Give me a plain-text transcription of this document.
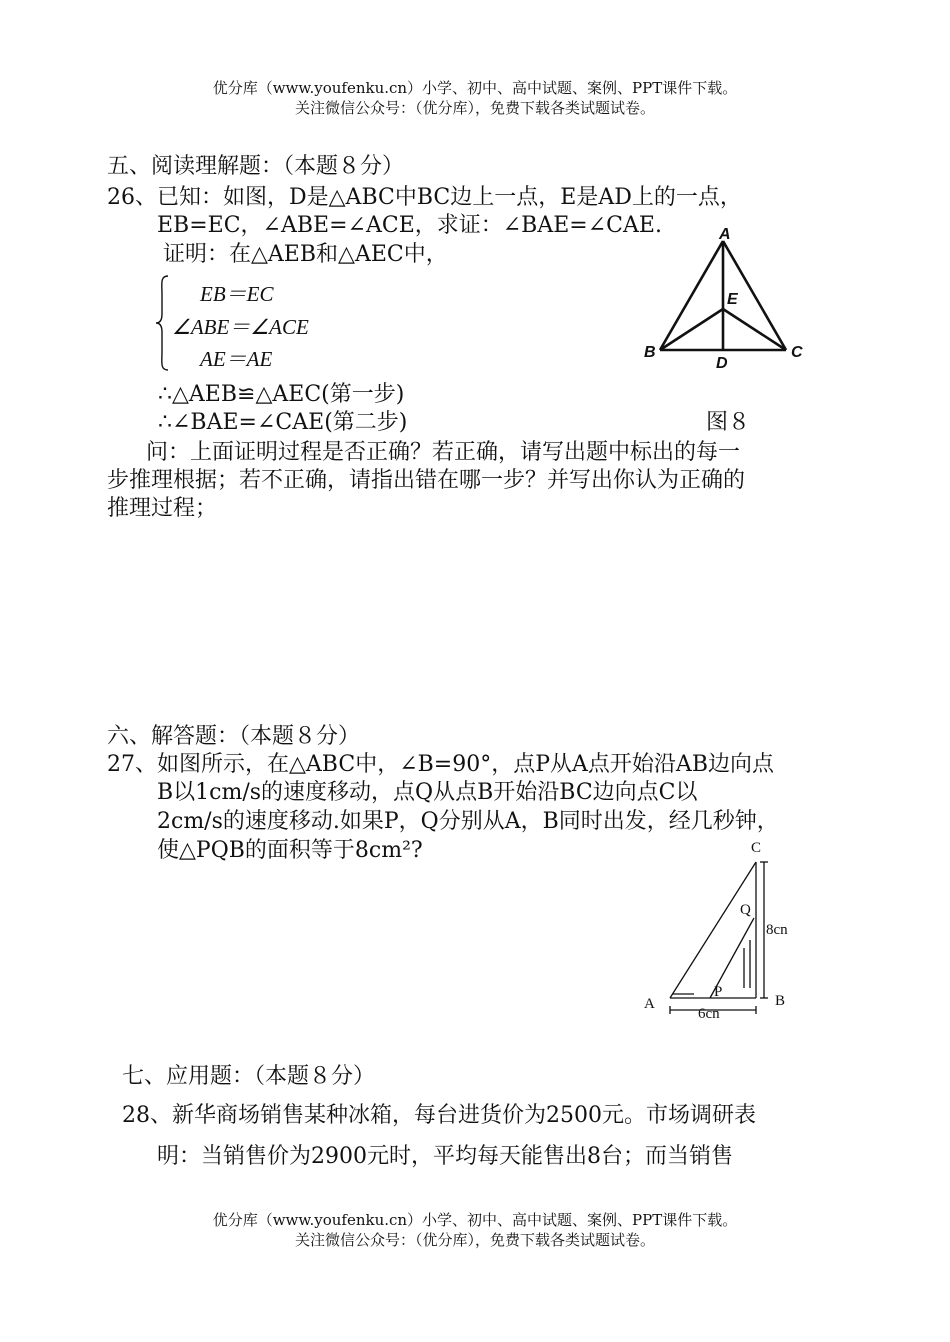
优分库（www.youfenku.cn）小学、初中、高中试题、案例、PPT课件下载。
关注微信公众号：（优分库），免费下载各类试题试卷。
五、阅读理解题：（本题８分）
26、已知：如图，D是△ABC中BC边上一点，E是AD上的一点，
EB=EC，∠ABE=∠ACE，求证：∠BAE=∠CAE.
证明：在△AEB和△AEC中，
EB＝EC
∠ABE＝∠ACE
AE＝AE
∴△AEB≌△AEC(第一步)
∴∠BAE=∠CAE(第二步)	图８
A
E
B	C
D
问：上面证明过程是否正确？若正确，请写出题中标出的每一
步推理根据；若不正确，请指出错在哪一步？并写出你认为正确的
推理过程；
六、解答题：（本题８分）
27、如图所示，在△ABC中，∠B=90°，点P从A点开始沿AB边向点
B以1cm/s的速度移动，点Q从点B开始沿BC边向点C以
2cm/s的速度移动.如果P，Q分别从A，B同时出发，经几秒钟，
使△PQB的面积等于8cm²?	C
Q
8cn
P
A	B
6cn
七、应用题：（本题８分）
28、新华商场销售某种冰箱，每台进货价为2500元。市场调研表
明：当销售价为2900元时，平均每天能售出8台；而当销售
优分库（www.youfenku.cn）小学、初中、高中试题、案例、PPT课件下载。
关注微信公众号：（优分库），免费下载各类试题试卷。
